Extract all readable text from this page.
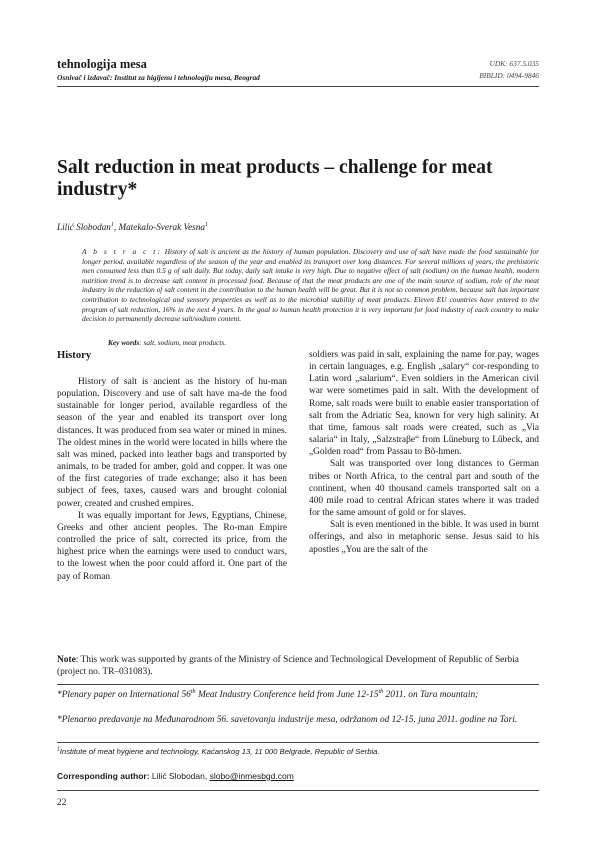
tehnologija mesa
Osnivač i izdavač: Institut za higijenu i tehnologiju mesa, Beograd
UDK: 637.5.035
BIBLID: 0494-9846
Salt reduction in meat products – challenge for meat industry*
Lilić Slobodan$^1$, Matekalo-Sverak Vesna$^1$
A b s t r a c t: History of salt is ancient as the history of human population. Discovery and use of salt have made the food sustainable for longer period, available regardless of the season of the year and enabled its transport over long distances. For several millions of years, the prehistoric men consumed less than 0.5 g of salt daily. But today, daily salt intake is very high. Due to negative effect of salt (sodium) on the human health, modern nutrition trend is to decrease salt content in processed food. Because of that the meat products are one of the main source of sodium, role of the meat industry in the reduction of salt content in the contribution to the human health will be great. But it is not so common problem, because salt has important contribution to technological and sensory properties as well as to the microbial stability of meat products. Eleven EU countries have entered to the program of salt reduction, 16% in the next 4 years. In the goal to human health protection it is very important for food industry of each country to make decision to permanently decrease salt/sodium content.
Key words: salt, sodium, meat products.
History

History of salt is ancient as the history of hu-man population. Discovery and use of salt have ma-de the food sustainable for longer period, available regardless of the season of the year and enabled its transport over long distances. It was produced from sea water or mined in mines. The oldest mines in the world were located in hills where the salt was mined, packed into leather bags and transported by animals, to be traded for amber, gold and copper. It was one of the first categories of trade exchange; also it has been subject of fees, taxes, caused wars and brought colonial power, created and crushed empires.

It was equally important for Jews, Egyptians, Chinese, Greeks and other ancient peoples. The Ro-man Empire controlled the price of salt, corrected its price, from the highest price when the earnings were used to conduct wars, to the lowest when the poor could afford it. One part of the pay of Roman

soldiers was paid in salt, explaining the name for pay, wages in certain languages, e.g. English „salary“ cor-responding to Latin word „salarium“. Even soldiers in the American civil war were sometimes paid in salt. With the development of Rome, salt roads were built to enable easier transportation of salt from the Adriatic Sea, known for very high salinity. At that time, famous salt roads were created, such as „Via salaria“ in Italy, „Salzstraβe“ from Lűneburg to Lűbeck, and „Golden road“ from Passau to Bõ-hmen.

Salt was transported over long distances to German tribes or North Africa, to the central part and south of the continent, when 40 thousand camels transported salt on a 400 mile road to central African states where it was traded for the same amount of gold or for slaves.

Salt is even mentioned in the bible. It was used in burnt offerings, and also in metaphoric sense. Jesus said to his apostles „You are the salt of the

Note: This work was supported by grants of the Ministry of Science and Technological Development of Republic of Serbia (project no. TR–031083).
*Plenary paper on International 56th Meat Industry Conference held from June 12-15th 2011. on Tara mountain;
*Plenarno predavanje na Međunarodnom 56. savetovanju industrije mesa, održanom od 12-15. juna 2011. godine na Tari.
$^1$Institute of meat hygiene and technology, Kaćanskog 13, 11 000 Belgrade, Republic of Serbia.
Corresponding author: Lilić Slobodan, slobo@inmesbgd.com
22
